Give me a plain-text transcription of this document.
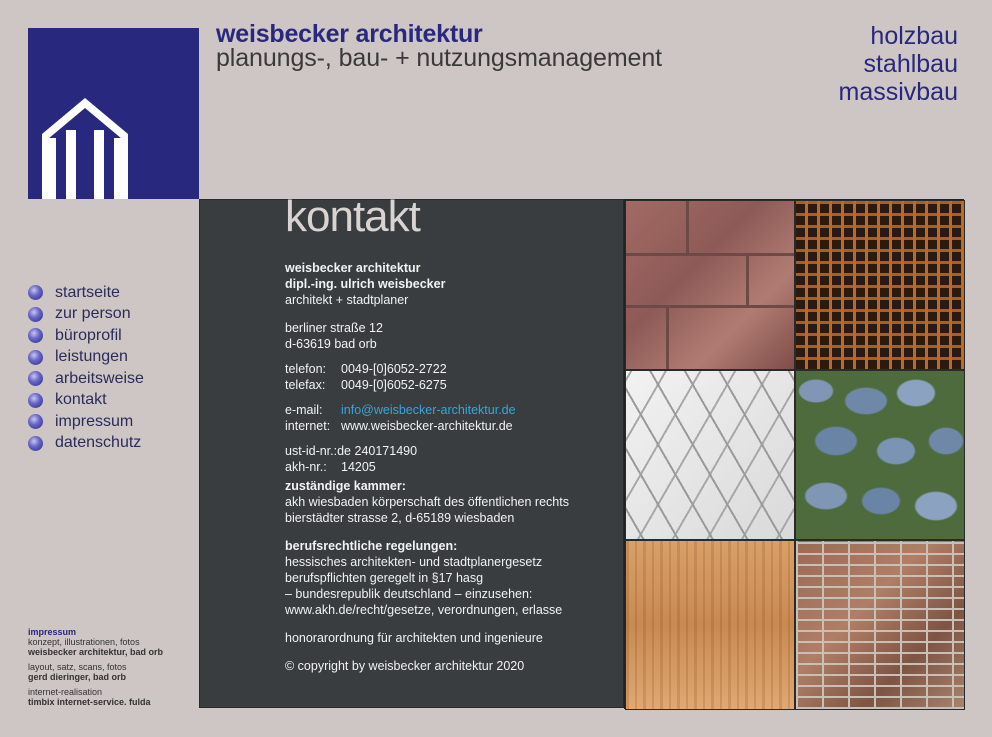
weisbecker architektur
planungs-, bau- + nutzungsmanagement
holzbau
stahlbau
massivbau
startseite
zur person
büroprofil
leistungen
arbeitsweise
kontakt
impressum
datenschutz
impressum
konzept, illustrationen, fotos
weisbecker architektur, bad orb
layout, satz, scans, fotos
gerd dieringer, bad orb
internet-realisation
timbix internet-service. fulda
kontakt
weisbecker architektur
dipl.-ing. ulrich weisbecker
architekt + stadtplaner
berliner straße 12
d-63619 bad orb
telefon:	0049-[0]6052-2722
telefax:	0049-[0]6052-6275
e-mail:	info@weisbecker-architektur.de
internet: www.weisbecker-architektur.de
ust-id-nr.: de 240171490
akh-nr.:	14205
zuständige kammer:
akh wiesbaden körperschaft des öffentlichen rechts
bierstädter strasse 2, d-65189 wiesbaden
berufsrechtliche regelungen:
hessisches architekten- und stadtplanergesetz
berufspflichten geregelt in §17 hasg
– bundesrepublik deutschland – einzusehen:
www.akh.de/recht/gesetze, verordnungen, erlasse
honorarordnung für architekten und ingenieure
© copyright by weisbecker architektur 2020
